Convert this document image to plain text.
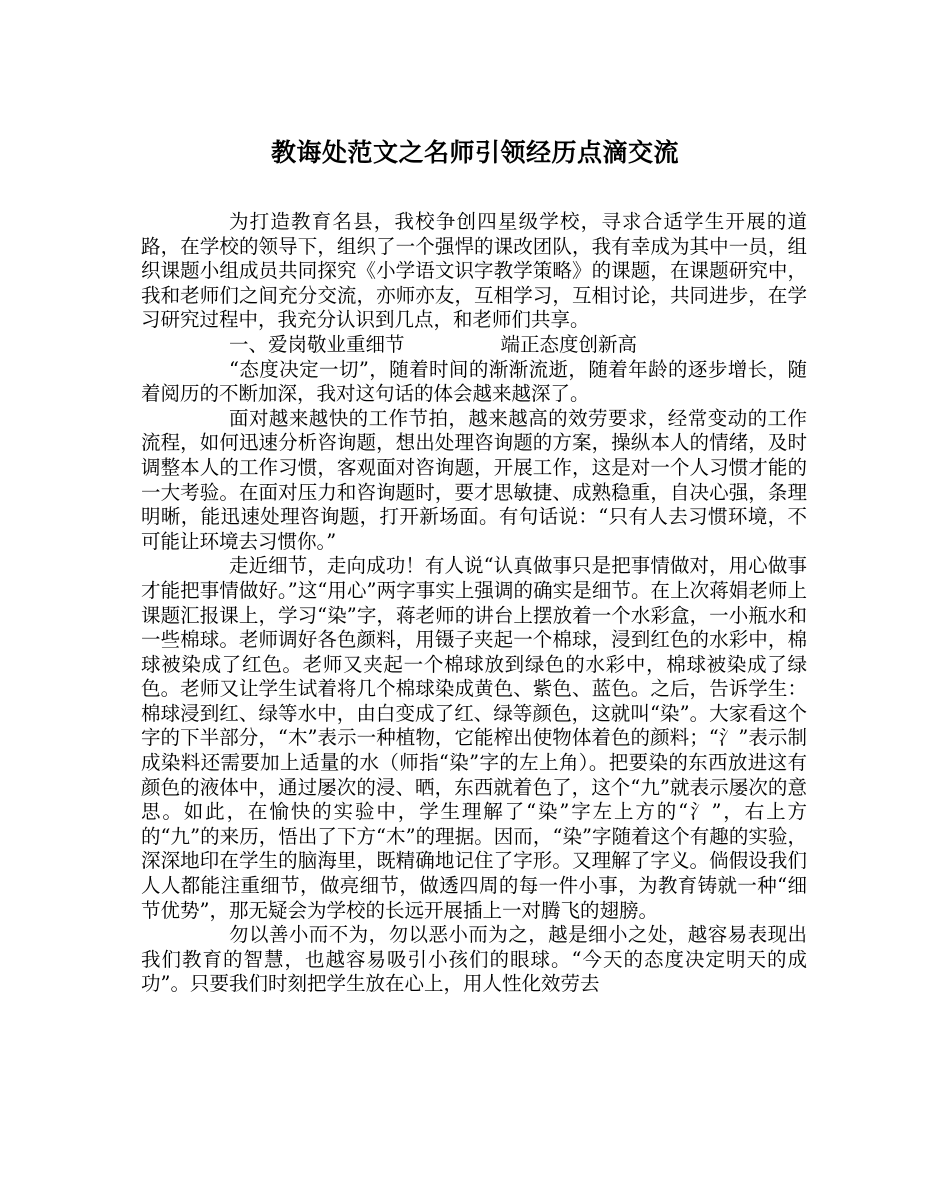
教诲处范文之名师引领经历点滴交流

为打造教育名县，我校争创四星级学校，寻求合适学生开展的道路，在学校的领导下，组织了一个强悍的课改团队，我有幸成为其中一员，组织课题小组成员共同探究《小学语文识字教学策略》的课题，在课题研究中，我和老师们之间充分交流，亦师亦友，互相学习，互相讨论，共同进步，在学习研究过程中，我充分认识到几点，和老师们共享。

一、爱岗敬业重细节	端正态度创新高

“态度决定一切”，随着时间的渐渐流逝，随着年龄的逐步增长，随着阅历的不断加深，我对这句话的体会越来越深了。

面对越来越快的工作节拍，越来越高的效劳要求，经常变动的工作流程，如何迅速分析咨询题，想出处理咨询题的方案，操纵本人的情绪，及时调整本人的工作习惯，客观面对咨询题，开展工作，这是对一个人习惯才能的一大考验。在面对压力和咨询题时，要才思敏捷、成熟稳重，自决心强，条理明晰，能迅速处理咨询题，打开新场面。有句话说：“只有人去习惯环境，不可能让环境去习惯你。”

走近细节，走向成功！有人说“认真做事只是把事情做对，用心做事才能把事情做好。”这“用心”两字事实上强调的确实是细节。在上次蒋娟老师上课题汇报课上，学习“染”字，蒋老师的讲台上摆放着一个水彩盒，一小瓶水和一些棉球。老师调好各色颜料，用镊子夹起一个棉球，浸到红色的水彩中，棉球被染成了红色。老师又夹起一个棉球放到绿色的水彩中，棉球被染成了绿色。老师又让学生试着将几个棉球染成黄色、紫色、蓝色。之后，告诉学生：棉球浸到红、绿等水中，由白变成了红、绿等颜色，这就叫“染”。大家看这个字的下半部分，“木”表示一种植物，它能榨出使物体着色的颜料；“氵”表示制成染料还需要加上适量的水（师指“染”字的左上角）。把要染的东西放进这有颜色的液体中，通过屡次的浸、晒，东西就着色了，这个“九”就表示屡次的意思。如此，在愉快的实验中，学生理解了“染”字左上方的“氵”，右上方的“九”的来历，悟出了下方“木”的理据。因而，“染”字随着这个有趣的实验，深深地印在学生的脑海里，既精确地记住了字形。又理解了字义。倘假设我们人人都能注重细节，做亮细节，做透四周的每一件小事，为教育铸就一种“细节优势”，那无疑会为学校的长远开展插上一对腾飞的翅膀。

勿以善小而不为，勿以恶小而为之，越是细小之处，越容易表现出我们教育的智慧，也越容易吸引小孩们的眼球。“今天的态度决定明天的成功”。只要我们时刻把学生放在心上，用人性化效劳去
